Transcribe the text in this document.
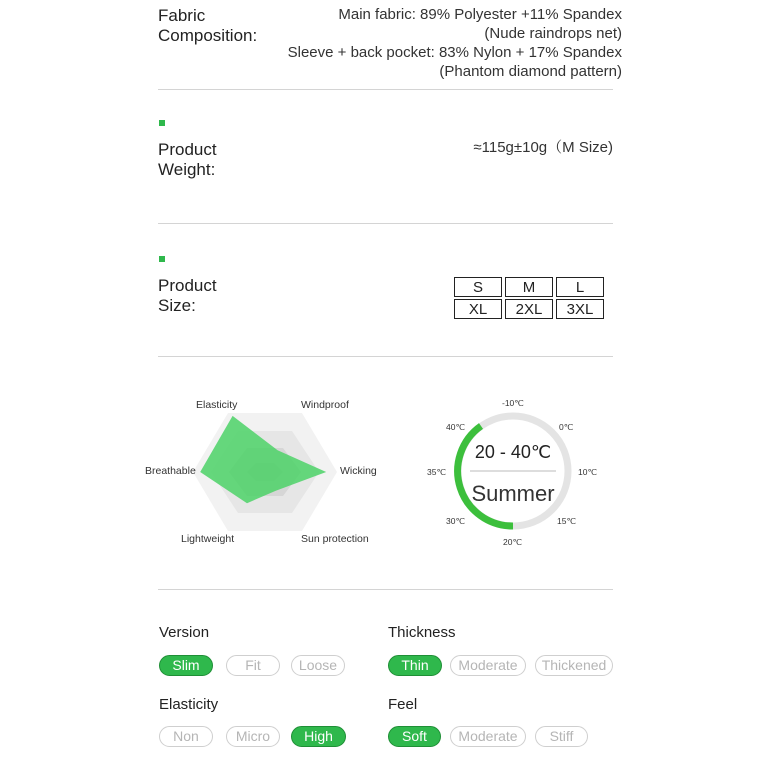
Fabric
Composition:
Main fabric: 89% Polyester +11% Spandex
(Nude raindrops net)
Sleeve + back pocket: 83% Nylon + 17% Spandex
(Phantom diamond pattern)
Product
Weight:
≈115g±10g（M Size)
Product
Size:
S	M	L
XL	2XL	3XL
Elasticity	Windproof
Wicking
Sun protection
Lightweight
Breathable
20 - 40℃
Summer
-10℃
0℃
10℃
15℃
20℃
30℃
35℃
40℃
Version
Slim	Fit	Loose
Thickness
Thin	Moderate	Thickened
Elasticity
Non	Micro	High
Feel
Soft	Moderate	Stiff
